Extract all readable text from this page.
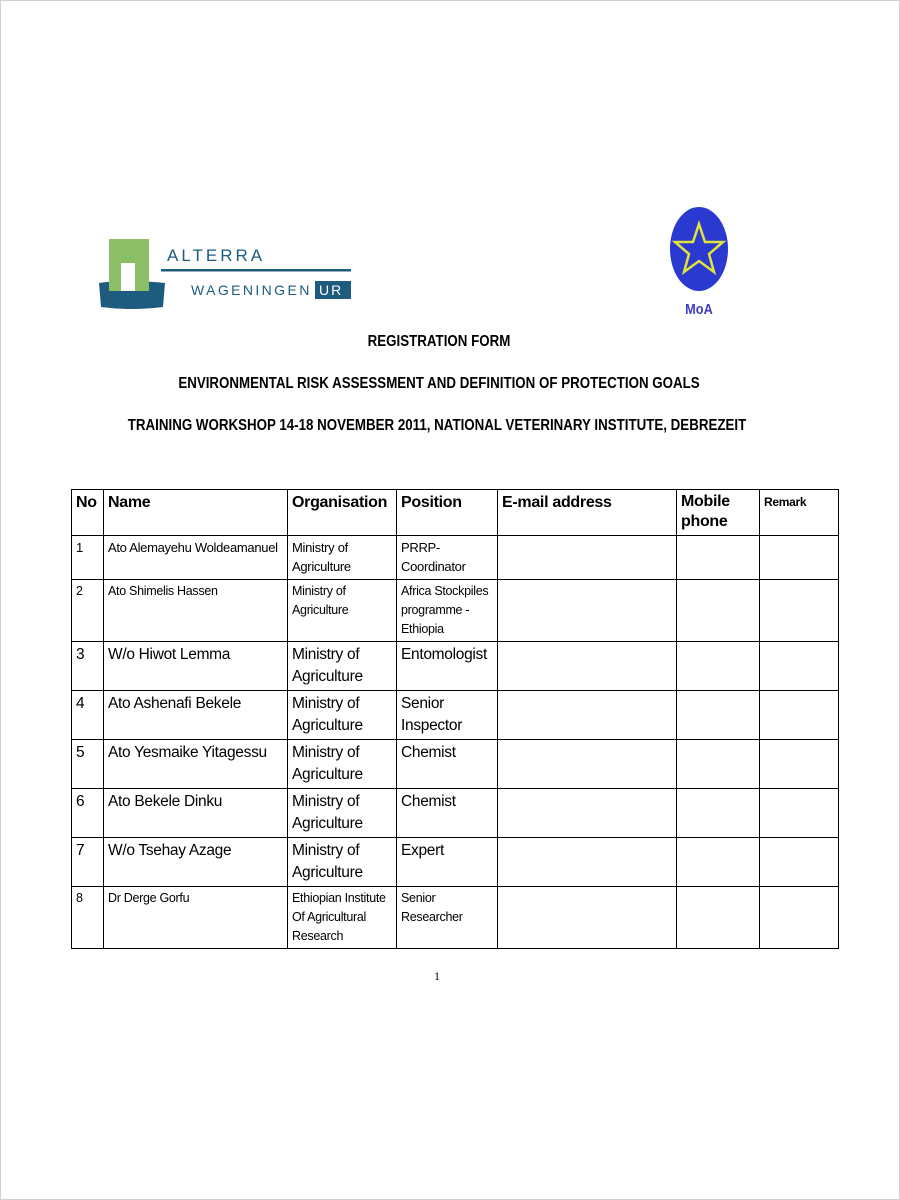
ALTERRA
WAGENINGEN UR
MoA
REGISTRATION FORM
ENVIRONMENTAL RISK ASSESSMENT AND DEFINITION OF PROTECTION GOALS
TRAINING WORKSHOP 14-18 NOVEMBER 2011, NATIONAL VETERINARY INSTITUTE, DEBREZEIT
No	Name	Organisation	Position	E-mail address	Mobile phone	Remark
1	Ato Alemayehu Woldeamanuel	Ministry of Agriculture	PRRP-Coordinator			
2	Ato Shimelis Hassen	Ministry of Agriculture	Africa Stockpiles programme - Ethiopia			
3	W/o Hiwot Lemma	Ministry of Agriculture	Entomologist			
4	Ato Ashenafi Bekele	Ministry of Agriculture	Senior Inspector			
5	Ato Yesmaike Yitagessu	Ministry of Agriculture	Chemist			
6	Ato Bekele Dinku	Ministry of Agriculture	Chemist			
7	W/o Tsehay Azage	Ministry of Agriculture	Expert			
8	Dr Derge Gorfu	Ethiopian Institute Of Agricultural Research	Senior Researcher			
1
